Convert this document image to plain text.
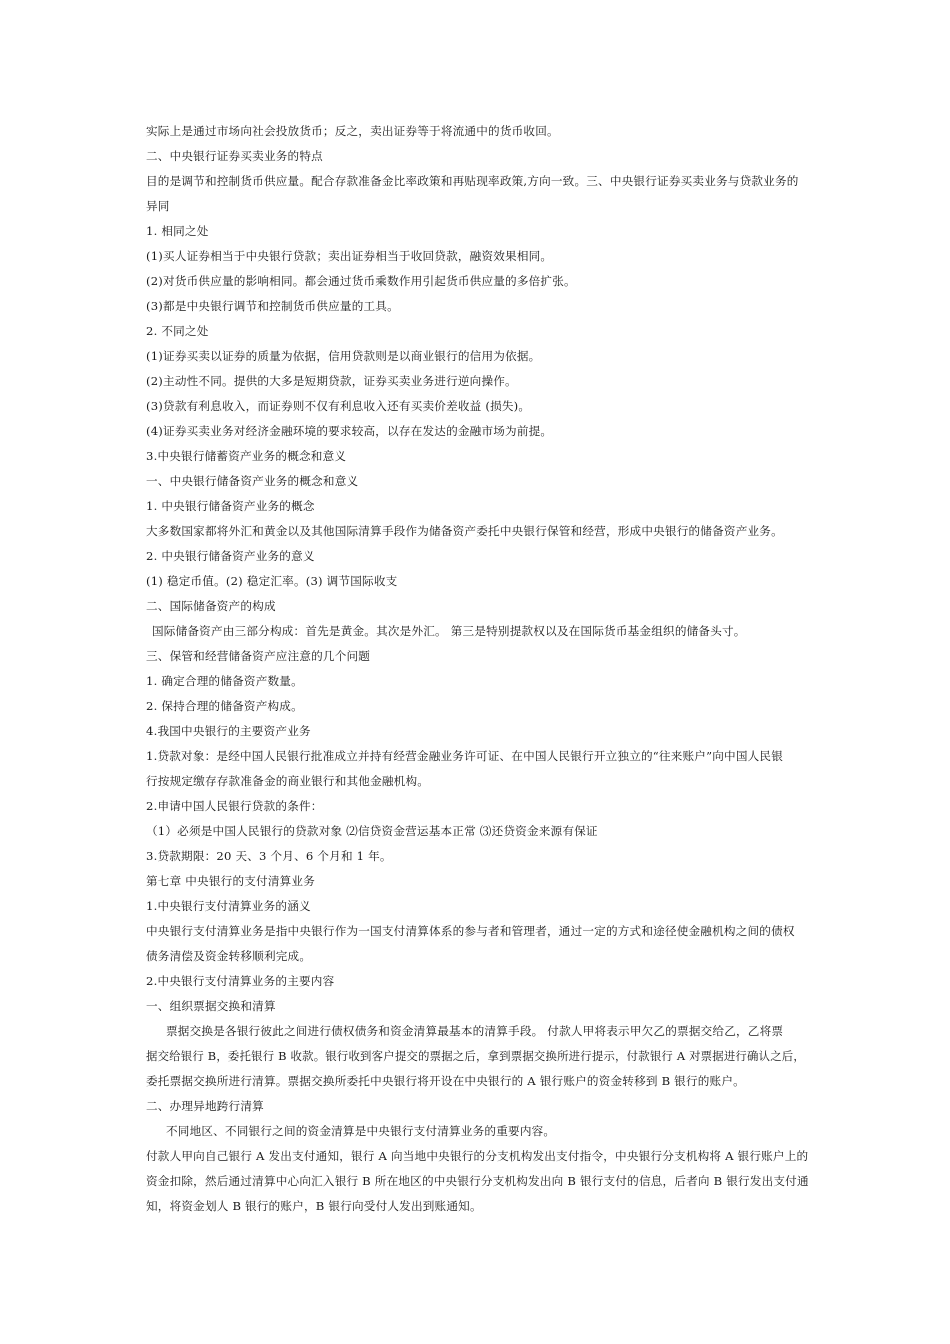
实际上是通过市场向社会投放货币；反之，卖出证券等于将流通中的货币收回。
二、中央银行证券买卖业务的特点
目的是调节和控制货币供应量。配合存款准备金比率政策和再贴现率政策,方向一致。三、中央银行证券买卖业务与贷款业务的
异同
1. 相同之处
(1)买人证券相当于中央银行贷款；卖出证券相当于收回贷款，融资效果相同。
(2)对货币供应量的影响相同。都会通过货币乘数作用引起货币供应量的多倍扩张。
(3)都是中央银行调节和控制货币供应量的工具。
2. 不同之处
(1)证券买卖以证券的质量为依据，信用贷款则是以商业银行的信用为依据。
(2)主动性不同。提供的大多是短期贷款，证券买卖业务进行逆向操作。
(3)贷款有利息收入，而证券则不仅有利息收入还有买卖价差收益 (损失)。
(4)证券买卖业务对经济金融环境的要求较高，以存在发达的金融市场为前提。
3.中央银行储蓄资产业务的概念和意义
一、中央银行储备资产业务的概念和意义
1. 中央银行储备资产业务的概念
大多数国家都将外汇和黄金以及其他国际清算手段作为储备资产委托中央银行保管和经营，形成中央银行的储备资产业务。
2. 中央银行储备资产业务的意义
(1) 稳定币值。(2) 稳定汇率。(3) 调节国际收支
二、国际储备资产的构成
国际储备资产由三部分构成：首先是黄金。其次是外汇。 第三是特别提款权以及在国际货币基金组织的储备头寸。
三、保管和经营储备资产应注意的几个问题
1. 确定合理的储备资产数量。
2. 保持合理的储备资产构成。
4.我国中央银行的主要资产业务
1.贷款对象：是经中国人民银行批准成立并持有经营金融业务许可证、在中国人民银行开立独立的“往来账户”向中国人民银
行按规定缴存存款准备金的商业银行和其他金融机构。
2.申请中国人民银行贷款的条件：
（1）必须是中国人民银行的贷款对象 ⑵信贷资金营运基本正常 ⑶还贷资金来源有保证
3.贷款期限：20 天、3 个月、6 个月和 1 年。
第七章 中央银行的支付清算业务
1.中央银行支付清算业务的涵义
中央银行支付清算业务是指中央银行作为一国支付清算体系的参与者和管理者，通过一定的方式和途径使金融机构之间的债权
债务清偿及资金转移顺利完成。
2.中央银行支付清算业务的主要内容
一、组织票据交换和清算
票据交换是各银行彼此之间进行债权债务和资金清算最基本的清算手段。 付款人甲将表示甲欠乙的票据交给乙，乙将票
据交给银行 B，委托银行 B 收款。银行收到客户提交的票据之后，拿到票据交换所进行提示，付款银行 A 对票据进行确认之后，
委托票据交换所进行清算。票据交换所委托中央银行将开设在中央银行的 A 银行账户的资金转移到 B 银行的账户。
二、办理异地跨行清算
不同地区、不同银行之间的资金清算是中央银行支付清算业务的重要内容。
付款人甲向自己银行 A 发出支付通知，银行 A 向当地中央银行的分支机构发出支付指令，中央银行分支机构将 A 银行账户上的
资金扣除，然后通过清算中心向汇入银行 B 所在地区的中央银行分支机构发出向 B 银行支付的信息，后者向 B 银行发出支付通
知，将资金划人 B 银行的账户，B 银行向受付人发出到账通知。
